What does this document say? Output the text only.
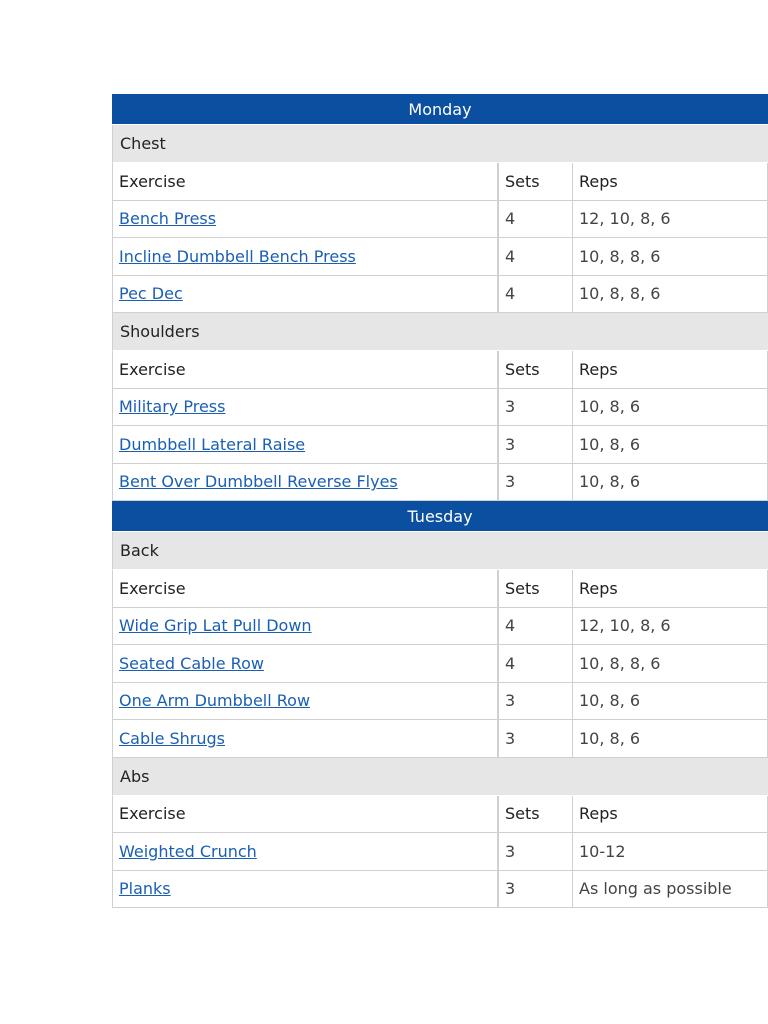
Monday
Chest
Exercise	Sets	Reps
Bench Press	4	12, 10, 8, 6
Incline Dumbbell Bench Press	4	10, 8, 8, 6
Pec Dec	4	10, 8, 8, 6
Shoulders
Exercise	Sets	Reps
Military Press	3	10, 8, 6
Dumbbell Lateral Raise	3	10, 8, 6
Bent Over Dumbbell Reverse Flyes	3	10, 8, 6
Tuesday
Back
Exercise	Sets	Reps
Wide Grip Lat Pull Down	4	12, 10, 8, 6
Seated Cable Row	4	10, 8, 8, 6
One Arm Dumbbell Row	3	10, 8, 6
Cable Shrugs	3	10, 8, 6
Abs
Exercise	Sets	Reps
Weighted Crunch	3	10-12
Planks	3	As long as possible
